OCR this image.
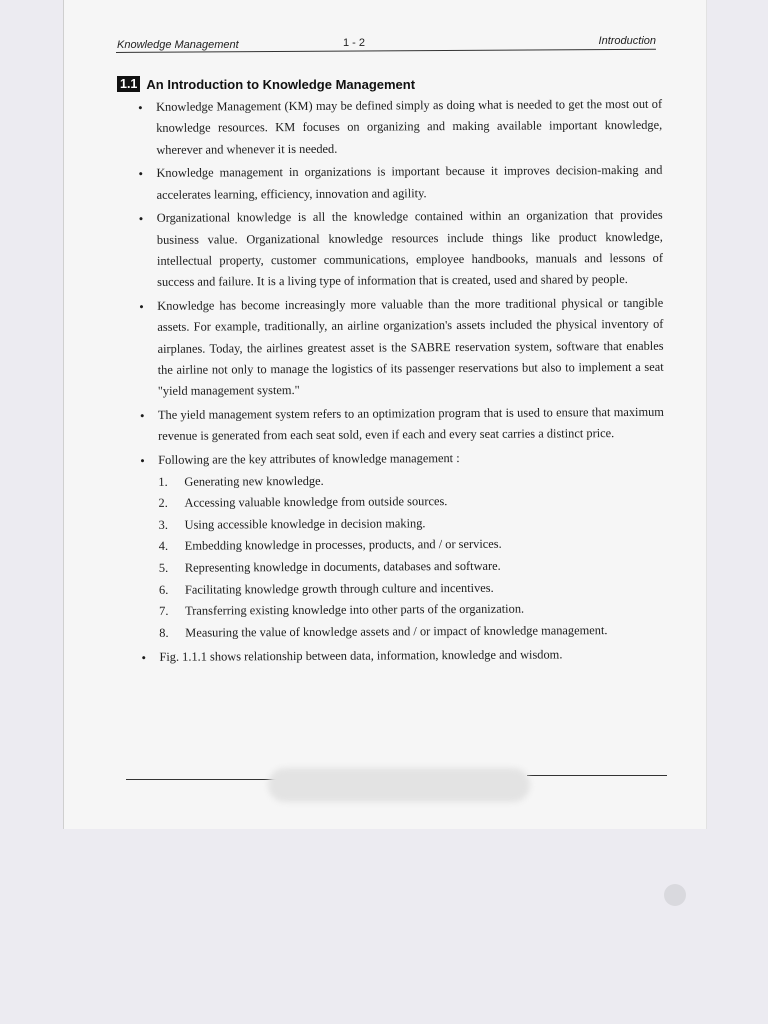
Knowledge Management	1 - 2	Introduction
1.1 An Introduction to Knowledge Management
• Knowledge Management (KM) may be defined simply as doing what is needed to get the most out of knowledge resources. KM focuses on organizing and making available important knowledge, wherever and whenever it is needed.
• Knowledge management in organizations is important because it improves decision-making and accelerates learning, efficiency, innovation and agility.
• Organizational knowledge is all the knowledge contained within an organization that provides business value. Organizational knowledge resources include things like product knowledge, intellectual property, customer communications, employee handbooks, manuals and lessons of success and failure. It is a living type of information that is created, used and shared by people.
• Knowledge has become increasingly more valuable than the more traditional physical or tangible assets. For example, traditionally, an airline organization's assets included the physical inventory of airplanes. Today, the airlines greatest asset is the SABRE reservation system, software that enables the airline not only to manage the logistics of its passenger reservations but also to implement a seat "yield management system."
• The yield management system refers to an optimization program that is used to ensure that maximum revenue is generated from each seat sold, even if each and every seat carries a distinct price.
• Following are the key attributes of knowledge management :
1. Generating new knowledge.
2. Accessing valuable knowledge from outside sources.
3. Using accessible knowledge in decision making.
4. Embedding knowledge in processes, products, and / or services.
5. Representing knowledge in documents, databases and software.
6. Facilitating knowledge growth through culture and incentives.
7. Transferring existing knowledge into other parts of the organization.
8. Measuring the value of knowledge assets and / or impact of knowledge management.
• Fig. 1.1.1 shows relationship between data, information, knowledge and wisdom.
